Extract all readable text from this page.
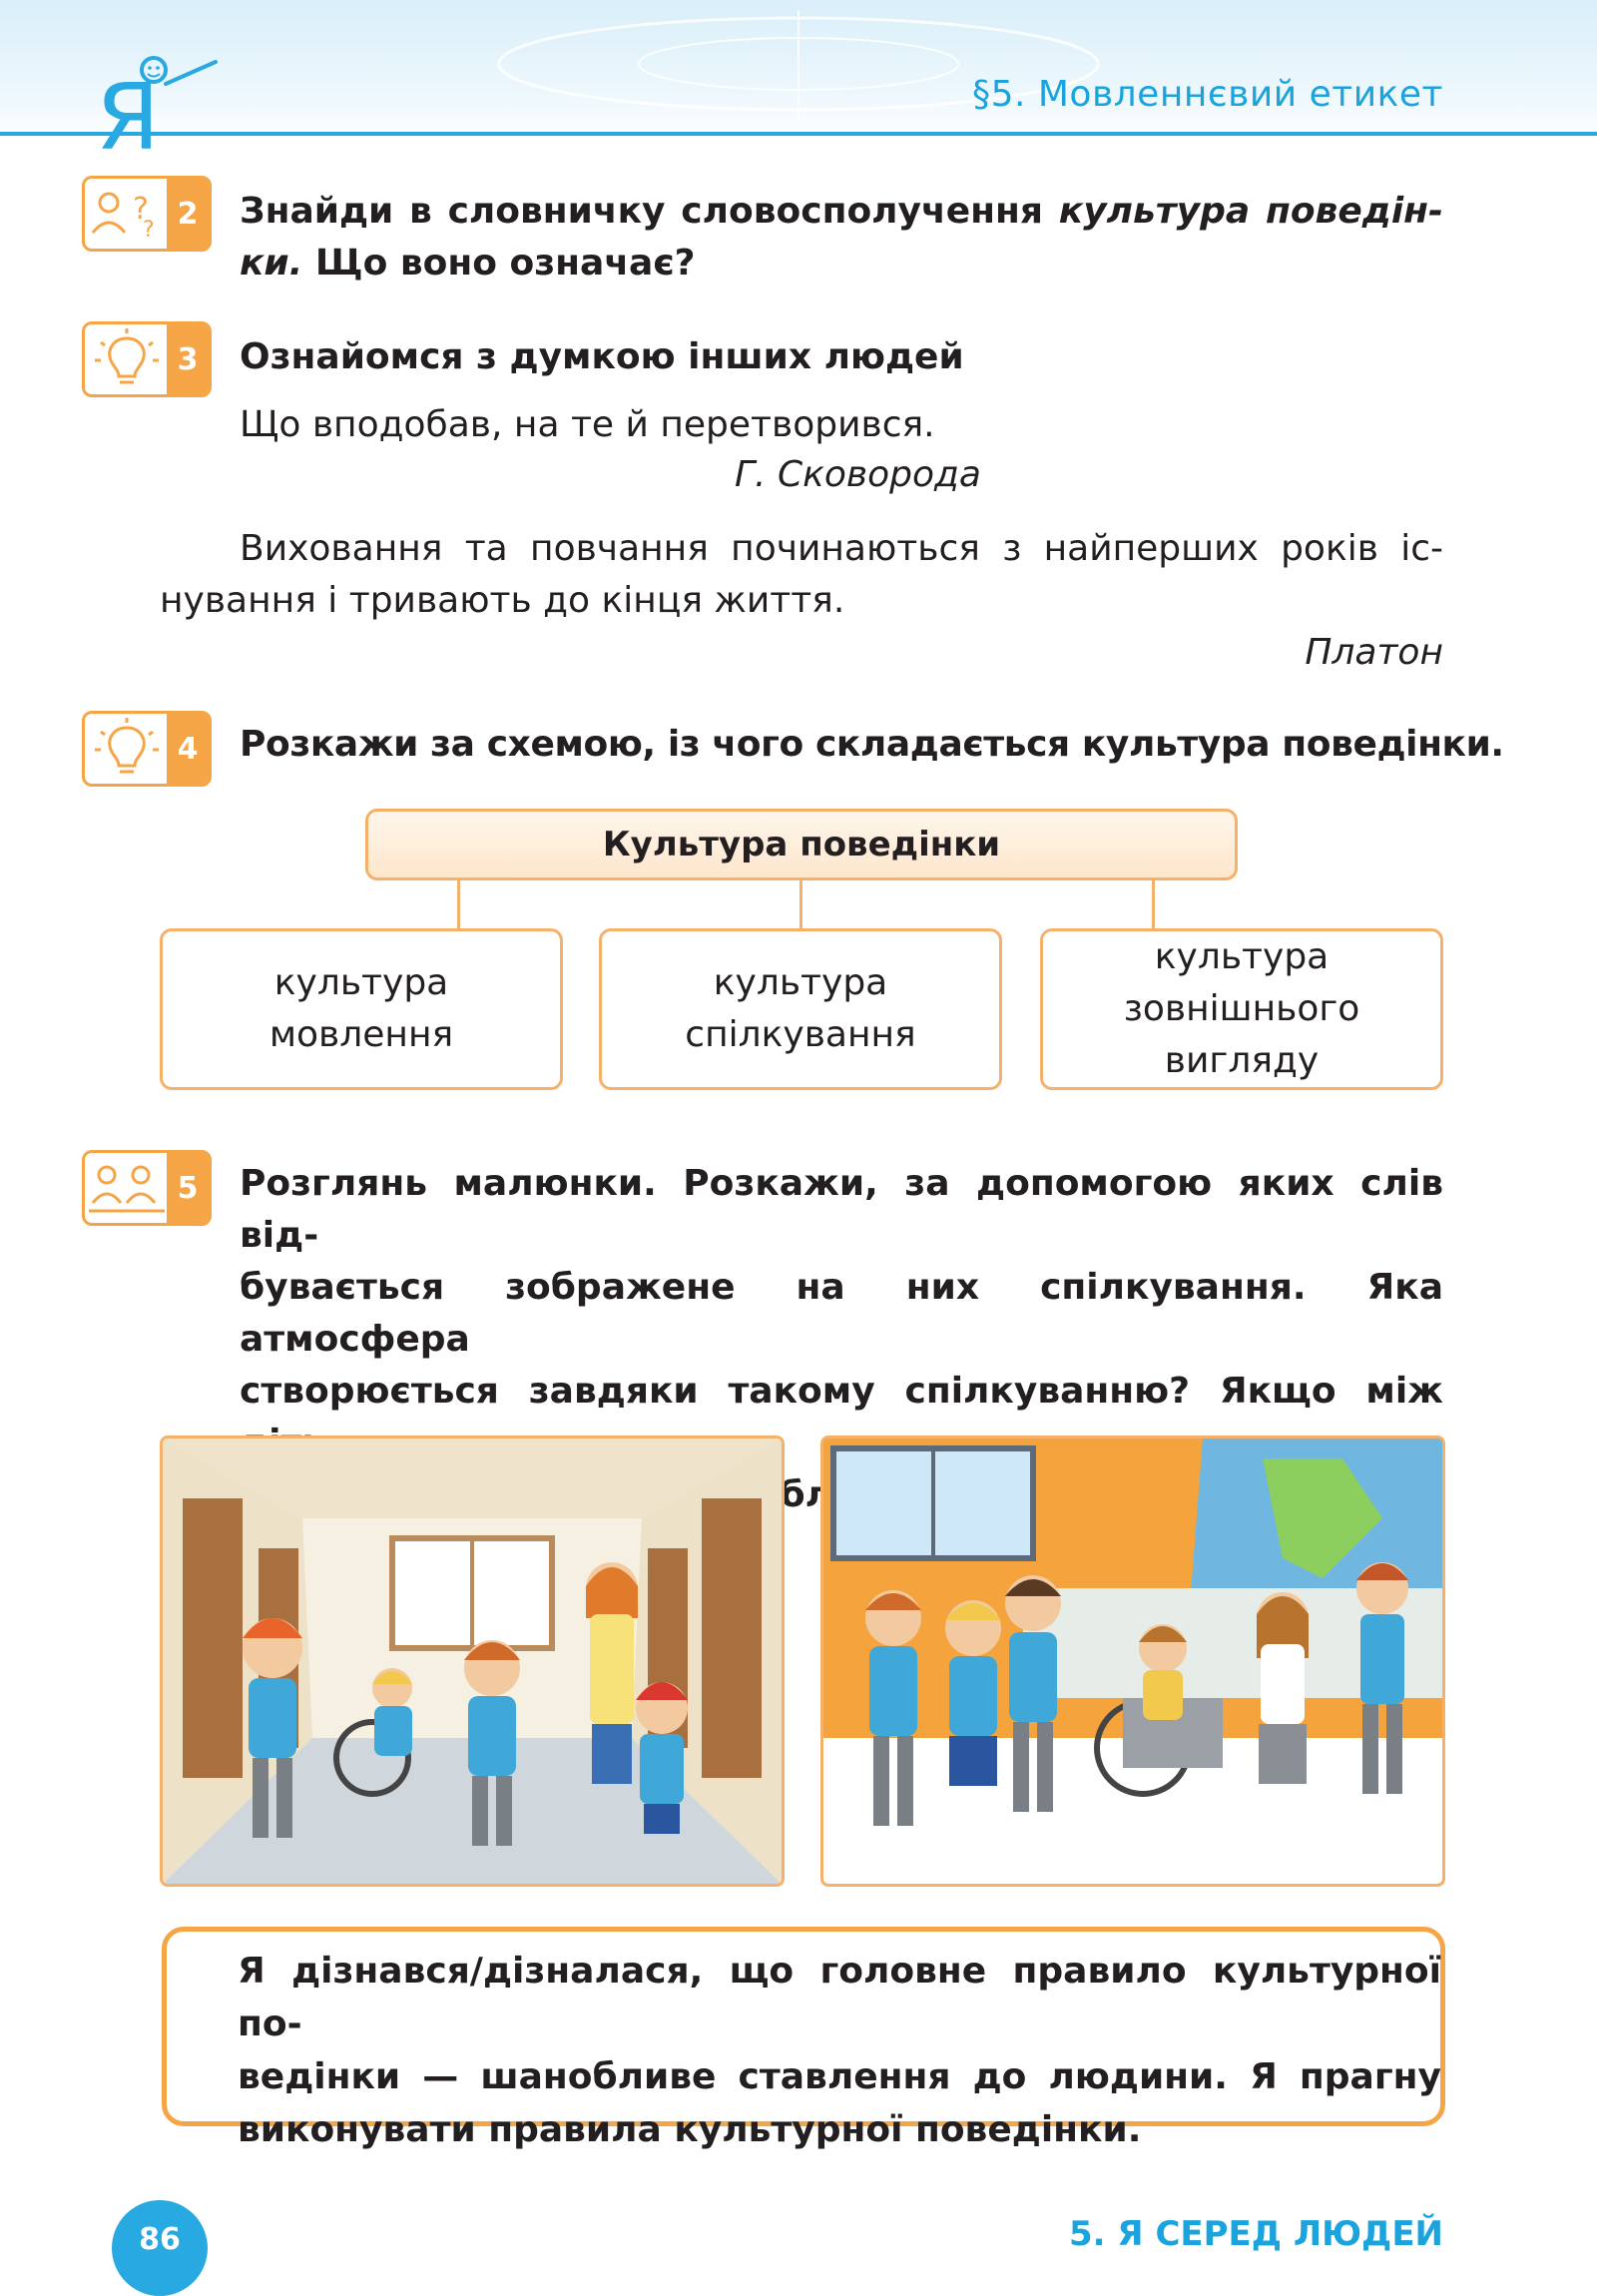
Я	§5. Мовленнєвий етикет
?
? 2 Знайди в словничку словосполучення культура поведін-
ки. Що воно означає?
3 Ознайомся з думкою інших людей
Що вподобав, на те й перетворився.
Г. Сковорода
Виховання та повчання починаються з найперших років іс-
нування і тривають до кінця життя.
Платон
4 Розкажи за схемою, із чого складається культура поведінки.
Культура поведінки
культура
мовлення
культура
спілкування
культура
зовнішнього
вигляду
5 Розглянь малюнки. Розкажи, за допомогою яких слів від-
бувається зображене на них спілкування. Яка атмосфера
створюється завдяки такому спілкуванню? Якщо між
проблеми,
Я дізнався/дізналася, що головне правило культурної по-
ведінки — шанобливе ставлення до людини. Я прагну
виконувати правила культурної поведінки.
86	5. Я СЕРЕД ЛЮДЕЙ
